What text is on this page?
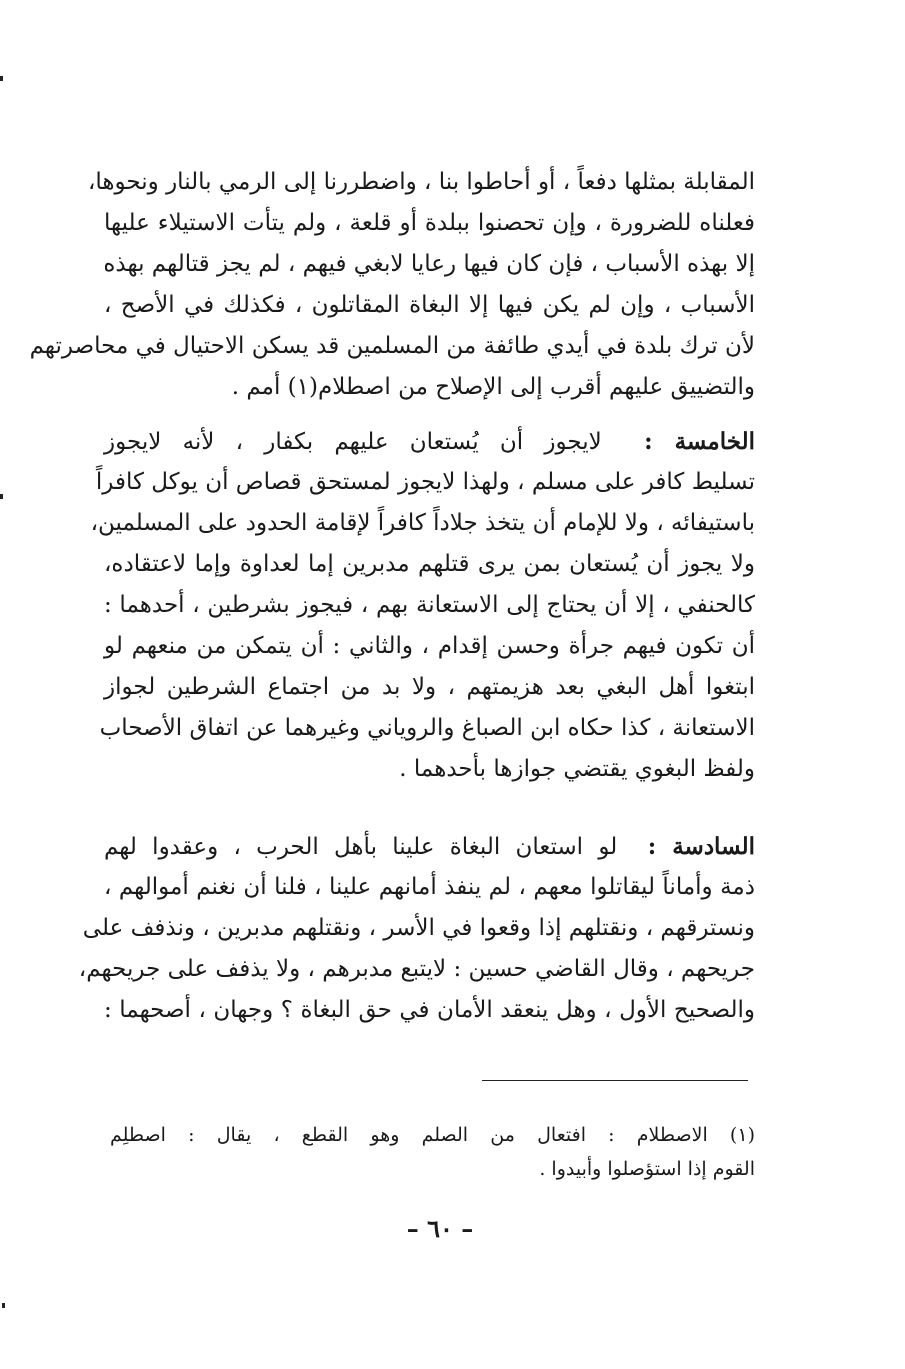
المقابلة بمثلها دفعاً ، أو أحاطوا بنا ، واضطررنا إلى الرمي بالنار ونحوها،
فعلناه للضرورة ، وإن تحصنوا ببلدة أو قلعة ، ولم يتأت الاستيلاء عليها
إلا بهذه الأسباب ، فإن كان فيها رعايا لابغي فيهم ، لم يجز قتالهم بهذه
الأسباب ، وإن لم يكن فيها إلا البغاة المقاتلون ، فكذلك في الأصح ،
لأن ترك بلدة في أيدي طائفة من المسلمين قد يسكن الاحتيال في محاصرتهم
والتضييق عليهم أقرب إلى الإصلاح من اصطلام(١) أمم .
الخامسة :  لايجوز أن يُستعان عليهم بكفار ، لأنه لايجوز
تسليط كافر على مسلم ، ولهذا لايجوز لمستحق قصاص أن يوكل كافراً
باستيفائه ، ولا للإمام أن يتخذ جلاداً كافراً لإقامة الحدود على المسلمين،
ولا يجوز أن يُستعان بمن يرى قتلهم مدبرين إما لعداوة وإما لاعتقاده،
كالحنفي ، إلا أن يحتاج إلى الاستعانة بهم ، فيجوز بشرطين ، أحدهما :
أن تكون فيهم جرأة وحسن إقدام ، والثاني : أن يتمكن من منعهم لو
ابتغوا أهل البغي بعد هزيمتهم ، ولا بد من اجتماع الشرطين لجواز
الاستعانة ، كذا حكاه ابن الصباغ والروياني وغيرهما عن اتفاق الأصحاب
ولفظ البغوي يقتضي جوازها بأحدهما .
السادسة :  لو استعان البغاة علينا بأهل الحرب ، وعقدوا لهم
ذمة وأماناً ليقاتلوا معهم ، لم ينفذ أمانهم علينا ، فلنا أن نغنم أموالهم ،
ونسترقهم ، ونقتلهم إذا وقعوا في الأسر ، ونقتلهم مدبرين ، ونذفف على
جريحهم ، وقال القاضي حسين : لايتبع مدبرهم ، ولا يذفف على جريحهم،
والصحيح الأول ، وهل ينعقد الأمان في حق البغاة ؟ وجهان ، أصحهما :
(١) الاصطلام : افتعال من الصلم وهو القطع ، يقال : اصطلِم
القوم إذا استؤصلوا وأبيدوا .
– ٦٠ –
